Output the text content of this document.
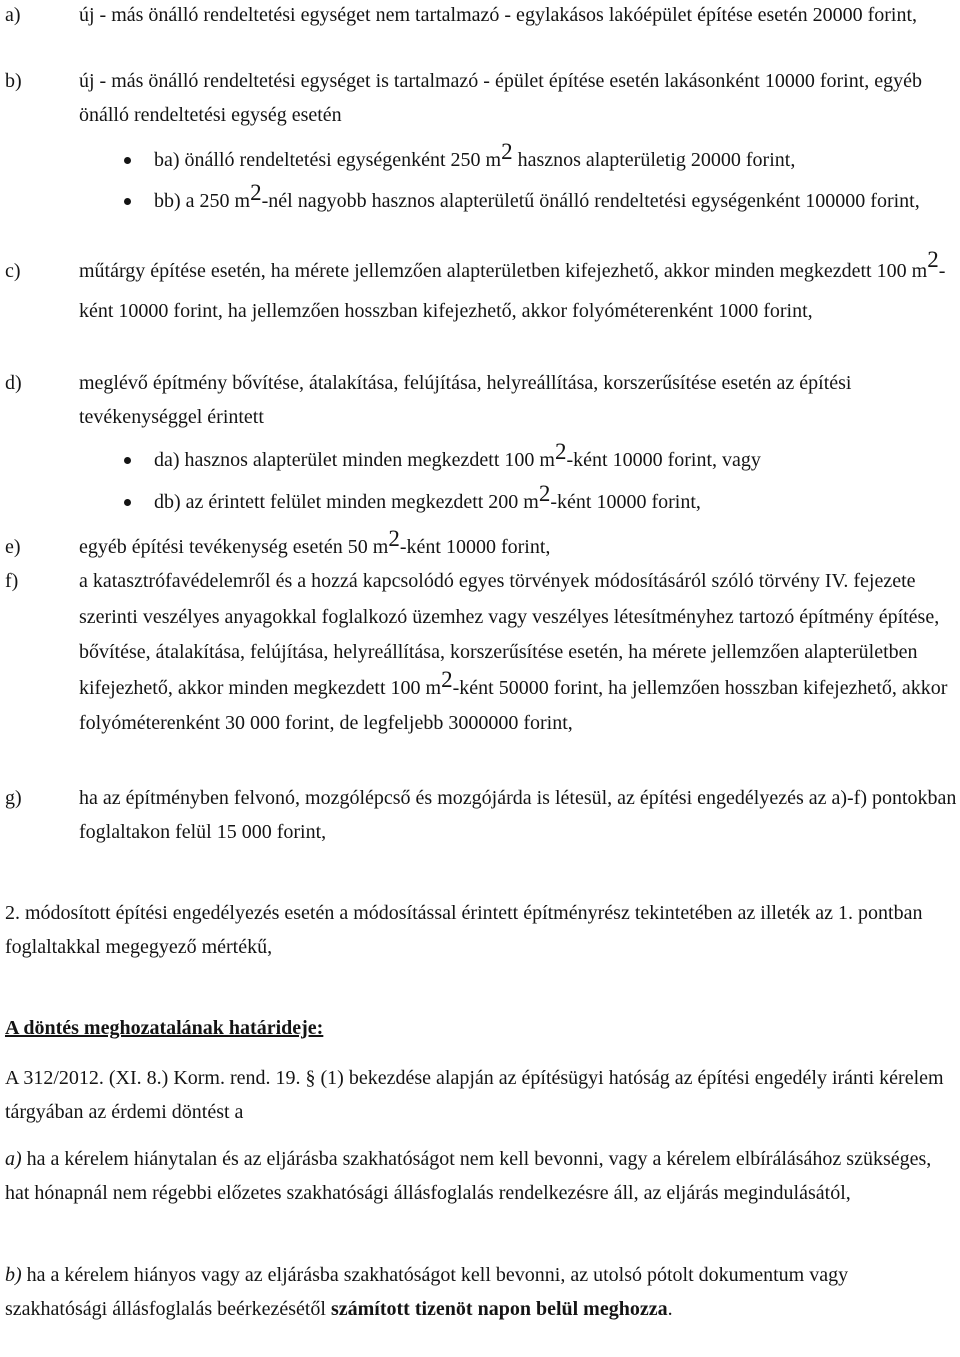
a)	új - más önálló rendeltetési egységet nem tartalmazó - egylakásos lakóépület építése esetén 20000 forint,
b)	új - más önálló rendeltetési egységet is tartalmazó - épület építése esetén lakásonként 10000 forint, egyéb önálló rendeltetési egység esetén
ba) önálló rendeltetési egységenként 250 $m^2$ hasznos alapterületig 20000 forint,
bb) a 250 $m^2$-nél nagyobb hasznos alapterületű önálló rendeltetési egységenként 100000 forint,
c)	műtárgy építése esetén, ha mérete jellemzően alapterületben kifejezhető, akkor minden megkezdett 100 $m^2$-ként 10000 forint, ha jellemzően hosszban kifejezhető, akkor folyóméterenként 1000 forint,
d)	meglévő építmény bővítése, átalakítása, felújítása, helyreállítása, korszerűsítése esetén az építési tevékenységgel érintett
da) hasznos alapterület minden megkezdett 100 $m^2$-ként 10000 forint, vagy
db) az érintett felület minden megkezdett 200 $m^2$-ként 10000 forint,
e)	egyéb építési tevékenység esetén 50 $m^2$-ként 10000 forint,
f)	a katasztrófavédelemről és a hozzá kapcsolódó egyes törvények módosításáról szóló törvény IV. fejezete szerinti veszélyes anyagokkal foglalkozó üzemhez vagy veszélyes létesítményhez tartozó építmény építése, bővítése, átalakítása, felújítása, helyreállítása, korszerűsítése esetén, ha mérete jellemzően alapterületben kifejezhető, akkor minden megkezdett 100 $m^2$-ként 50000 forint, ha jellemzően hosszban kifejezhető, akkor folyóméterenként 30 000 forint, de legfeljebb 3000000 forint,
g)	ha az építményben felvonó, mozgólépcső és mozgójárda is létesül, az építési engedélyezés az a)-f) pontokban foglaltakon felül 15 000 forint,
2. módosított építési engedélyezés esetén a módosítással érintett építményrész tekintetében az illeték az 1. pontban foglaltakkal megegyező mértékű,
A döntés meghozatalának határideje:
A 312/2012. (XI. 8.) Korm. rend. 19. § (1) bekezdése alapján az építésügyi hatóság az építési engedély iránti kérelem tárgyában az érdemi döntést a
a) ha a kérelem hiánytalan és az eljárásba szakhatóságot nem kell bevonni, vagy a kérelem elbírálásához szükséges, hat hónapnál nem régebbi előzetes szakhatósági állásfoglalás rendelkezésre áll, az eljárás megindulásától,
b) ha a kérelem hiányos vagy az eljárásba szakhatóságot kell bevonni, az utolsó pótolt dokumentum vagy szakhatósági állásfoglalás beérkezésétől számított tizenöt napon belül meghozza.
